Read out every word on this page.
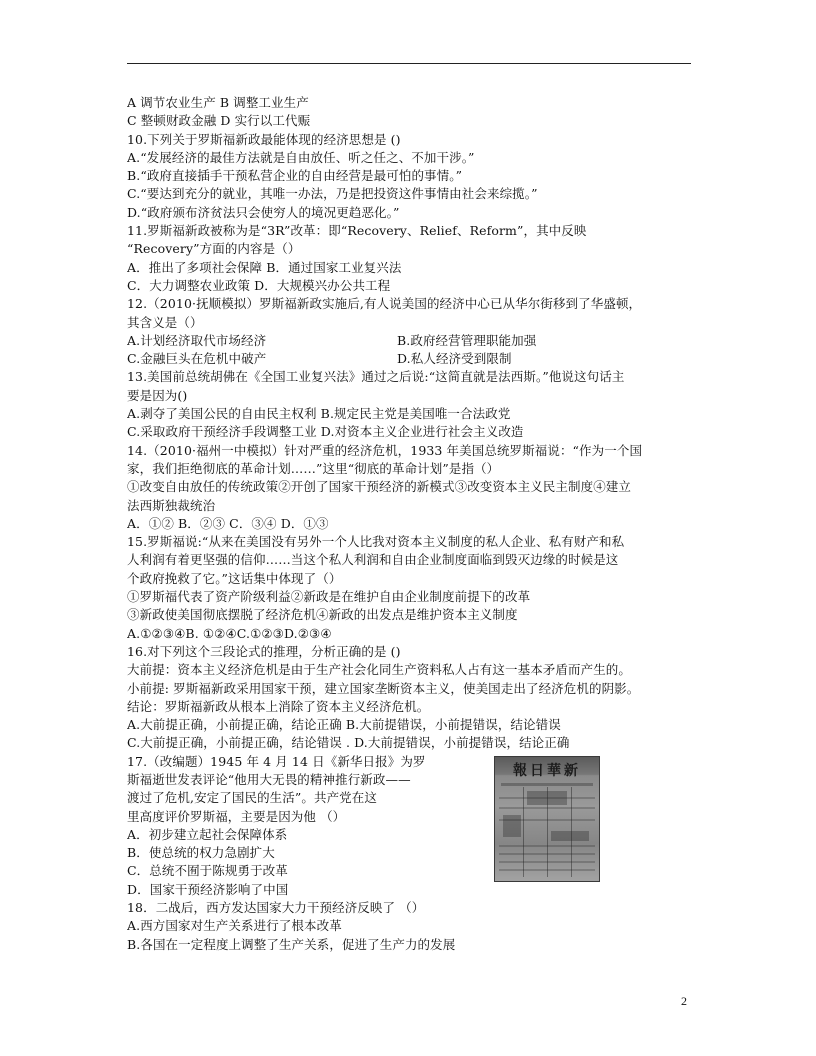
A 调节农业生产 B 调整工业生产
C 整顿财政金融 D 实行以工代赈
10.下列关于罗斯福新政最能体现的经济思想是 ()
A.“发展经济的最佳方法就是自由放任、听之任之、不加干涉。”
B.“政府直接插手干预私营企业的自由经营是最可怕的事情。”
C.“要达到充分的就业，其唯一办法，乃是把投资这件事情由社会来综揽。”
D.“政府颁布济贫法只会使穷人的境况更趋恶化。”
11.罗斯福新政被称为是“3R”改革：即“Recovery、Relief、Reform”，其中反映
“Recovery”方面的内容是（）
A．推出了多项社会保障 B．通过国家工业复兴法
C．大力调整农业政策 D．大规模兴办公共工程
12.（2010·抚顺模拟）罗斯福新政实施后,有人说美国的经济中心已从华尔街移到了华盛顿，
其含义是（）
A.计划经济取代市场经济	B.政府经营管理职能加强
C.金融巨头在危机中破产	D.私人经济受到限制
13.美国前总统胡佛在《全国工业复兴法》通过之后说:“这简直就是法西斯。”他说这句话主
要是因为()
A.剥夺了美国公民的自由民主权利 B.规定民主党是美国唯一合法政党
C.采取政府干预经济手段调整工业 D.对资本主义企业进行社会主义改造
14.（2010·福州一中模拟）针对严重的经济危机，1933 年美国总统罗斯福说：“作为一个国
家，我们拒绝彻底的革命计划……”这里“彻底的革命计划”是指（）
①改变自由放任的传统政策②开创了国家干预经济的新模式③改变资本主义民主制度④建立
法西斯独裁统治
A．①② B．②③ C．③④ D．①③
15.罗斯福说:“从来在美国没有另外一个人比我对资本主义制度的私人企业、私有财产和私
人利润有着更坚强的信仰……当这个私人利润和自由企业制度面临到毁灭边缘的时候是这
个政府挽救了它。”这话集中体现了（）
①罗斯福代表了资产阶级利益②新政是在维护自由企业制度前提下的改革
③新政使美国彻底摆脱了经济危机④新政的出发点是维护资本主义制度
A.①②③④B. ①②④C.①②③D.②③④
16.对下列这个三段论式的推理，分析正确的是 ()
大前提：资本主义经济危机是由于生产社会化同生产资料私人占有这一基本矛盾而产生的。
小前提: 罗斯福新政采用国家干预，建立国家垄断资本主义，使美国走出了经济危机的阴影。
结论：罗斯福新政从根本上消除了资本主义经济危机。
A.大前提正确，小前提正确，结论正确 B.大前提错误，小前提错误，结论错误
C.大前提正确，小前提正确，结论错误 . D.大前提错误，小前提错误，结论正确
17.（改编题）1945 年 4 月 14 日《新华日报》为罗
斯福逝世发表评论“他用大无畏的精神推行新政——
渡过了危机,安定了国民的生活”。共产党在这
里高度评价罗斯福，主要是因为他 （）
A．初步建立起社会保障体系
B．使总统的权力急剧扩大
C．总统不囿于陈规勇于改革
D．国家干预经济影响了中国
18．二战后，西方发达国家大力干预经济反映了 （）
A.西方国家对生产关系进行了根本改革
B.各国在一定程度上调整了生产关系，促进了生产力的发展
報日華新
2
